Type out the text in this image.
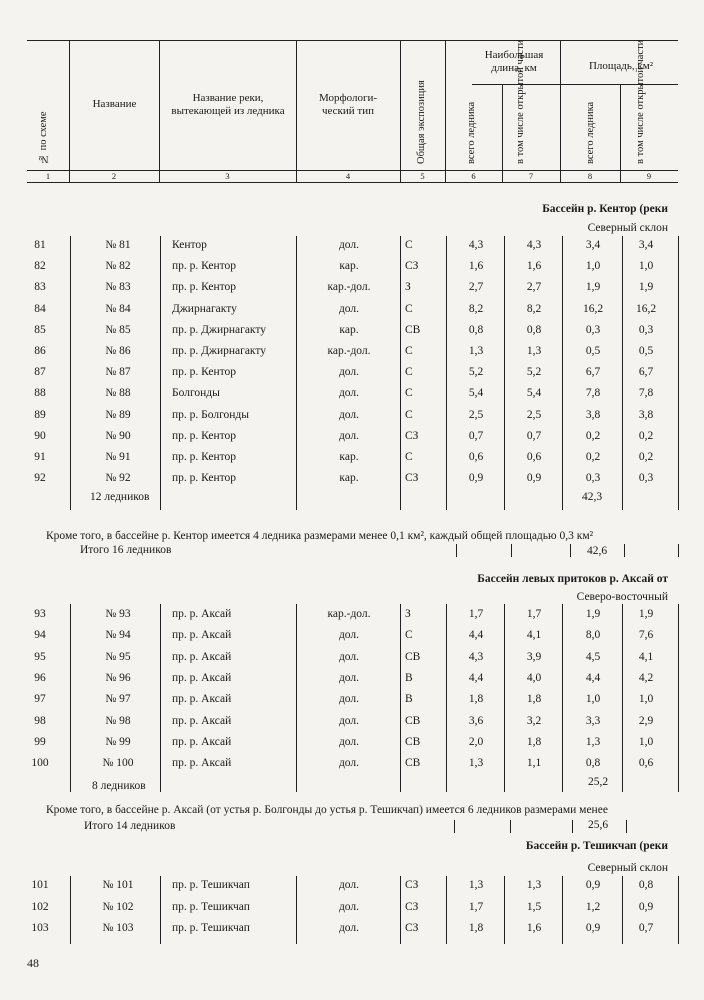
№ по схеме
Название	Название реки, вытекающей из ледника
Морфологи-ческий тип	Общая экспозиция
Наибольшая длина, км	Площадь, км²
всего ледника	в том числе открытой части	всего ледника	в том числе открытой части
1	2	3	4	5	6	7	8	9
Бассейн р. Кентор (реки
Северный склон
81	№ 81	Кентор	дол.	С	4,3	4,3	3,4	3,4
82	№ 82	пр. р. Кентор	кар.	СЗ	1,6	1,6	1,0	1,0
83	№ 83	пр. р. Кентор	кар.-дол.	З	2,7	2,7	1,9	1,9
84	№ 84	Джирнагакту	дол.	С	8,2	8,2	16,2	16,2
85	№ 85	пр. р. Джирнагакту	кар.	СВ	0,8	0,8	0,3	0,3
86	№ 86	пр. р. Джирнагакту	кар.-дол.	С	1,3	1,3	0,5	0,5
87	№ 87	пр. р. Кентор	дол.	С	5,2	5,2	6,7	6,7
88	№ 88	Болгонды	дол.	С	5,4	5,4	7,8	7,8
89	№ 89	пр. р. Болгонды	дол.	С	2,5	2,5	3,8	3,8
90	№ 90	пр. р. Кентор	дол.	СЗ	0,7	0,7	0,2	0,2
91	№ 91	пр. р. Кентор	кар.	С	0,6	0,6	0,2	0,2
92	№ 92	пр. р. Кентор	кар.	СЗ	0,9	0,9	0,3	0,3
12 ледников	42,3
Кроме того, в бассейне р. Кентор имеется 4 ледника размерами менее 0,1 км², каждый общей площадью 0,3 км²
Итого 16 ледников	42,6
Бассейн левых притоков р. Аксай от
Северо-восточный
93	№ 93	пр. р. Аксай	кар.-дол.	З	1,7	1,7	1,9	1,9
94	№ 94	пр. р. Аксай	дол.	С	4,4	4,1	8,0	7,6
95	№ 95	пр. р. Аксай	дол.	СВ	4,3	3,9	4,5	4,1
96	№ 96	пр. р. Аксай	дол.	В	4,4	4,0	4,4	4,2
97	№ 97	пр. р. Аксай	дол.	В	1,8	1,8	1,0	1,0
98	№ 98	пр. р. Аксай	дол.	СВ	3,6	3,2	3,3	2,9
99	№ 99	пр. р. Аксай	дол.	СВ	2,0	1,8	1,3	1,0
100	№ 100	пр. р. Аксай	дол.	СВ	1,3	1,1	0,8	0,6
8 ледников	25,2
Кроме того, в бассейне р. Аксай (от устья р. Болгонды до устья р. Тешикчап) имеется 6 ледников размерами менее
Итого 14 ледников	25,6
Бассейн р. Тешикчап (реки
Северный склон
101	№ 101	пр. р. Тешикчап	дол.	СЗ	1,3	1,3	0,9	0,8
102	№ 102	пр. р. Тешикчап	дол.	СЗ	1,7	1,5	1,2	0,9
103	№ 103	пр. р. Тешикчап	дол.	СЗ	1,8	1,6	0,9	0,7
48
